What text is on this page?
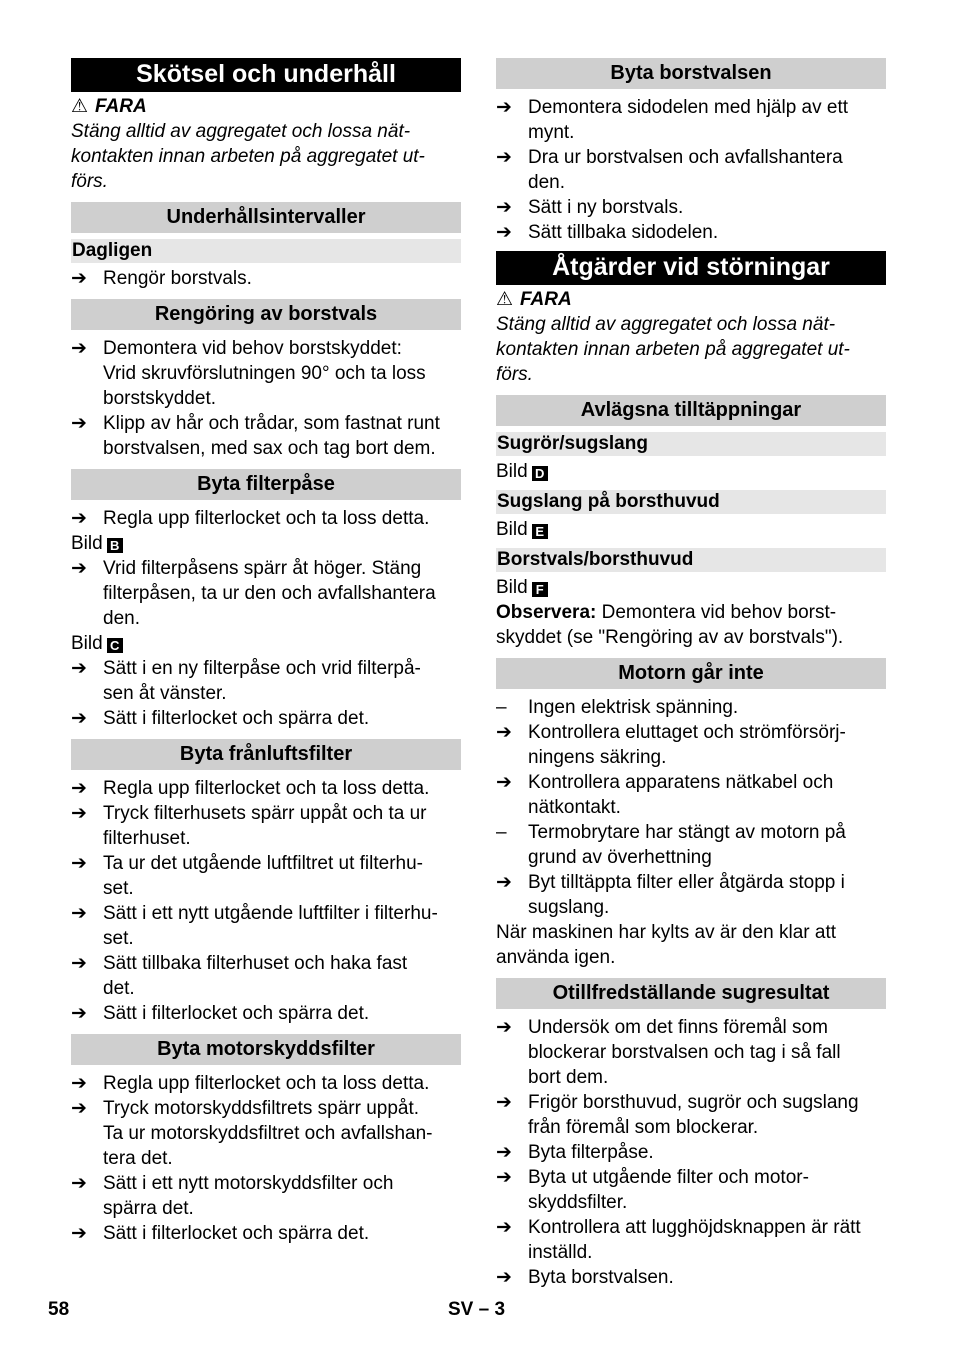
Skötsel och underhåll
⚠ FARA
Stäng alltid av aggregatet och lossa nät-
kontakten innan arbeten på aggregatet ut-
förs.
Underhållsintervaller
Dagligen
➔ Rengör borstvals.
Rengöring av borstvals
➔ Demontera vid behov borstskyddet:
Vrid skruvförslutningen 90° och ta loss
borstskyddet.
➔ Klipp av hår och trådar, som fastnat runt
borstvalsen, med sax och tag bort dem.
Byta filterpåse
➔ Regla upp filterlocket och ta loss detta.
Bild B
➔ Vrid filterpåsens spärr åt höger. Stäng
filterpåsen, ta ur den och avfallshantera
den.
Bild C
➔ Sätt i en ny filterpåse och vrid filterpå-
sen åt vänster.
➔ Sätt i filterlocket och spärra det.
Byta frånluftsfilter
➔ Regla upp filterlocket och ta loss detta.
➔ Tryck filterhusets spärr uppåt och ta ur
filterhuset.
➔ Ta ur det utgående luftfiltret ut filterhu-
set.
➔ Sätt i ett nytt utgående luftfilter i filterhu-
set.
➔ Sätt tillbaka filterhuset och haka fast
det.
➔ Sätt i filterlocket och spärra det.
Byta motorskyddsfilter
➔ Regla upp filterlocket och ta loss detta.
➔ Tryck motorskyddsfiltrets spärr uppåt.
Ta ur motorskyddsfiltret och avfallshan-
tera det.
➔ Sätt i ett nytt motorskyddsfilter och
spärra det.
➔ Sätt i filterlocket och spärra det.
Byta borstvalsen
➔ Demontera sidodelen med hjälp av ett
mynt.
➔ Dra ur borstvalsen och avfallshantera
den.
➔ Sätt i ny borstvals.
➔ Sätt tillbaka sidodelen.
Åtgärder vid störningar
⚠ FARA
Stäng alltid av aggregatet och lossa nät-
kontakten innan arbeten på aggregatet ut-
förs.
Avlägsna tilltäppningar
Sugrör/sugslang
Bild D
Sugslang på borsthuvud
Bild E
Borstvals/borsthuvud
Bild F
Observera: Demontera vid behov borst-
skyddet (se "Rengöring av av borstvals").
Motorn går inte
–	Ingen elektrisk spänning.
➔ Kontrollera eluttaget och strömförsörj-
ningens säkring.
➔ Kontrollera apparatens nätkabel och
nätkontakt.
–	Termobrytare har stängt av motorn på
grund av överhettning
➔ Byt tilltäppta filter eller åtgärda stopp i
sugslang.
När maskinen har kylts av är den klar att
använda igen.
Otillfredställande sugresultat
➔ Undersök om det finns föremål som
blockerar borstvalsen och tag i så fall
bort dem.
➔ Frigör borsthuvud, sugrör och sugslang
från föremål som blockerar.
➔ Byta filterpåse.
➔ Byta ut utgående filter och motor-
skyddsfilter.
➔ Kontrollera att lugghöjdsknappen är rätt
inställd.
➔ Byta borstvalsen.
58	SV – 3
